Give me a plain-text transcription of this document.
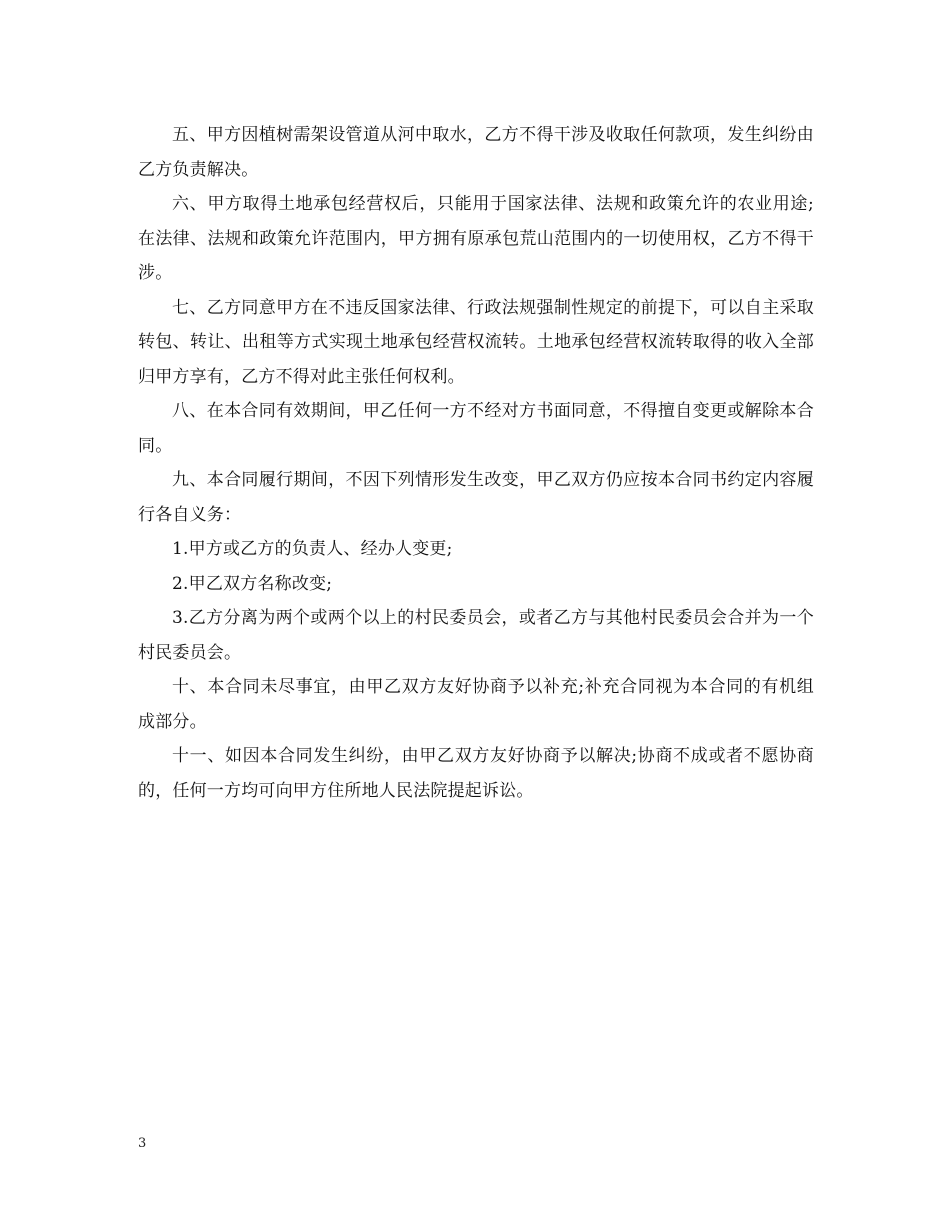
五、甲方因植树需架设管道从河中取水，乙方不得干涉及收取任何款项，发生纠纷由乙方负责解决。

六、甲方取得土地承包经营权后，只能用于国家法律、法规和政策允许的农业用途;在法律、法规和政策允许范围内，甲方拥有原承包荒山范围内的一切使用权，乙方不得干涉。

七、乙方同意甲方在不违反国家法律、行政法规强制性规定的前提下，可以自主采取转包、转让、出租等方式实现土地承包经营权流转。土地承包经营权流转取得的收入全部归甲方享有，乙方不得对此主张任何权利。

八、在本合同有效期间，甲乙任何一方不经对方书面同意，不得擅自变更或解除本合同。

九、本合同履行期间，不因下列情形发生改变，甲乙双方仍应按本合同书约定内容履行各自义务：

1.甲方或乙方的负责人、经办人变更;

2.甲乙双方名称改变;

3.乙方分离为两个或两个以上的村民委员会，或者乙方与其他村民委员会合并为一个村民委员会。

十、本合同未尽事宜，由甲乙双方友好协商予以补充;补充合同视为本合同的有机组成部分。

十一、如因本合同发生纠纷，由甲乙双方友好协商予以解决;协商不成或者不愿协商的，任何一方均可向甲方住所地人民法院提起诉讼。

3
